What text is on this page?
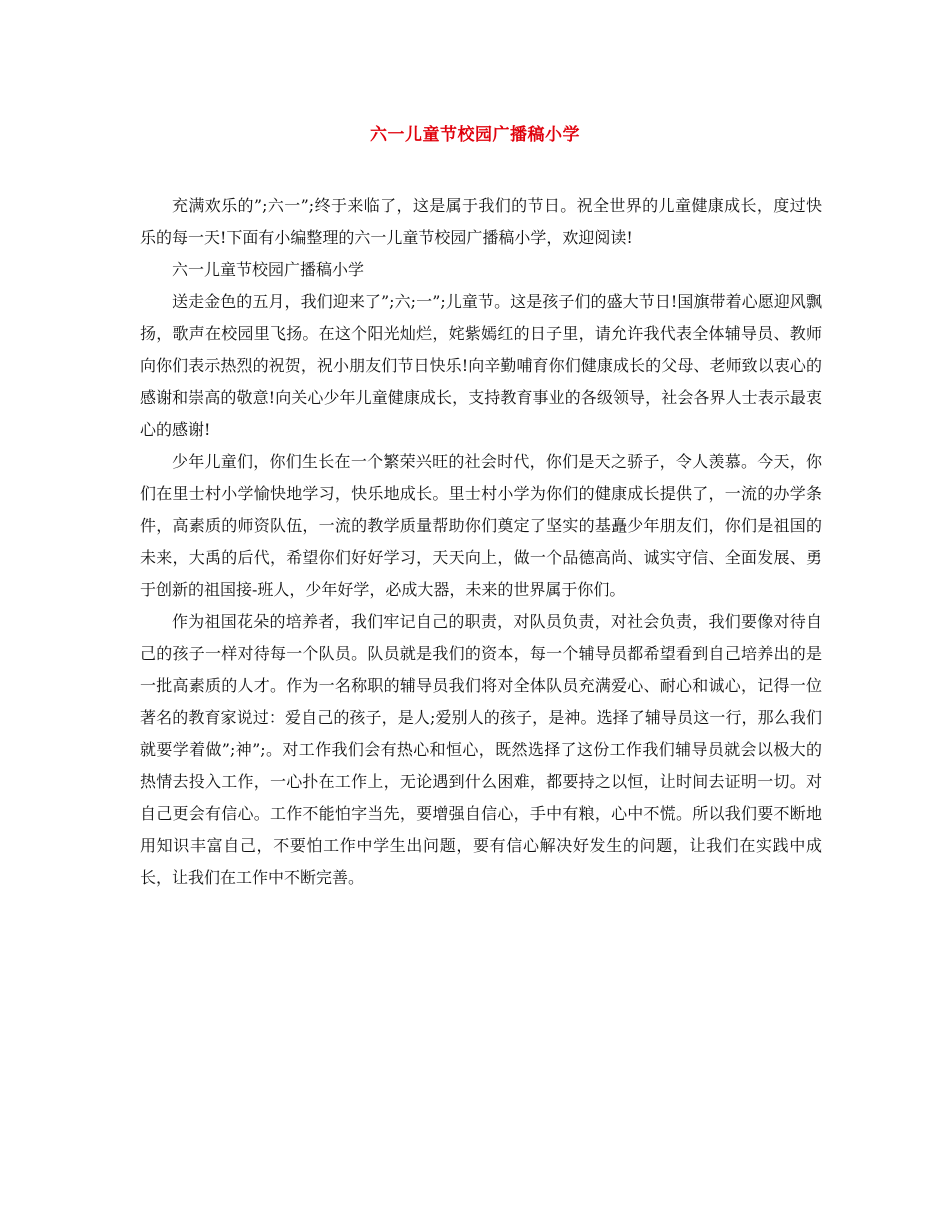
六一儿童节校园广播稿小学

充满欢乐的”;六一”;终于来临了，这是属于我们的节日。祝全世界的儿童健康成长，度过快乐的每一天!下面有小编整理的六一儿童节校园广播稿小学，欢迎阅读!

六一儿童节校园广播稿小学

送走金色的五月，我们迎来了”;六;一”;儿童节。这是孩子们的盛大节日!国旗带着心愿迎风飘扬，歌声在校园里飞扬。在这个阳光灿烂，姹紫嫣红的日子里，请允许我代表全体辅导员、教师向你们表示热烈的祝贺，祝小朋友们节日快乐!向辛勤哺育你们健康成长的父母、老师致以衷心的感谢和崇高的敬意!向关心少年儿童健康成长，支持教育事业的各级领导，社会各界人士表示最衷心的感谢!

少年儿童们，你们生长在一个繁荣兴旺的社会时代，你们是天之骄子，令人羡慕。今天，你们在里士村小学愉快地学习，快乐地成长。里士村小学为你们的健康成长提供了，一流的办学条件，高素质的师资队伍，一流的教学质量帮助你们奠定了坚实的基矗少年朋友们，你们是祖国的未来，大禹的后代，希望你们好好学习，天天向上，做一个品德高尚、诚实守信、全面发展、勇于创新的祖国接-班人，少年好学，必成大器，未来的世界属于你们。

作为祖国花朵的培养者，我们牢记自己的职责，对队员负责，对社会负责，我们要像对待自己的孩子一样对待每一个队员。队员就是我们的资本，每一个辅导员都希望看到自己培养出的是一批高素质的人才。作为一名称职的辅导员我们将对全体队员充满爱心、耐心和诚心，记得一位著名的教育家说过：爱自己的孩子，是人;爱别人的孩子，是神。选择了辅导员这一行，那么我们就要学着做”;神”;。对工作我们会有热心和恒心，既然选择了这份工作我们辅导员就会以极大的热情去投入工作，一心扑在工作上，无论遇到什么困难，都要持之以恒，让时间去证明一切。对自己更会有信心。工作不能怕字当先，要增强自信心，手中有粮，心中不慌。所以我们要不断地用知识丰富自己，不要怕工作中学生出问题，要有信心解决好发生的问题，让我们在实践中成长，让我们在工作中不断完善。
